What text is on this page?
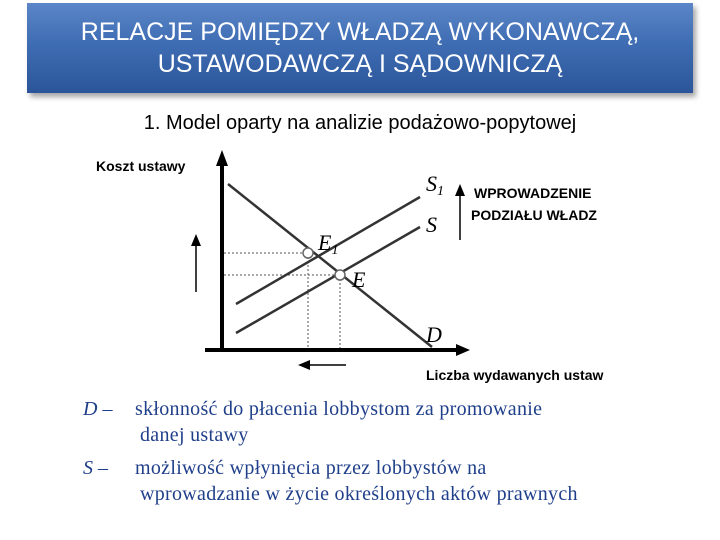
RELACJE POMIĘDZY WŁADZĄ WYKONAWCZĄ,
USTAWODAWCZĄ I SĄDOWNICZĄ
1. Model oparty na analizie podażowo-popytowej
Koszt ustawy
Liczba wydawanych ustaw
S1
S
D
E1
E
WPROWADZENIE
PODZIAŁU WŁADZ
D – skłonność do płacenia lobbystom za promowanie
danej ustawy
S – możliwość wpłynięcia przez lobbystów na
wprowadzanie w życie określonych aktów prawnych
